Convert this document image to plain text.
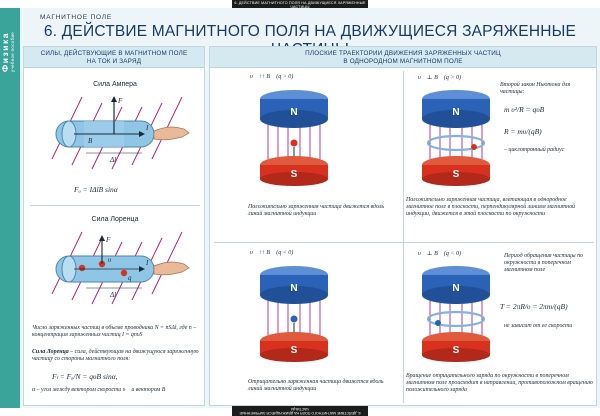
6. ДЕЙСТВИЕ МАГНИТНОГО ПОЛЯ НА ДВИЖУЩИЕСЯ ЗАРЯЖЕННЫЕ
Физика учебное пособие
МАГНИТНОЕ ПОЛЕ
6. ДЕЙСТВИЕ МАГНИТНОГО ПОЛЯ НА ДВИЖУЩИЕСЯ ЗАРЯЖЕННЫЕ
СИЛЫ, ДЕЙСТВУЮЩИЕ В МАГНИТНОМ ПОЛЕ
НА ТОК И ЗАРЯД
Сила Ампера
F
I
B
Δl
Fₐ = IΔlB sinα
Сила Лоренца
F
υ
q
I
Δl
Число заряженных частиц в объеме проводника N = nSΔl, где n – концентрация заряженных частиц I = qnυS
Сила Лоренца – сила, действующая на движущуюся заряженную частицу со стороны магнитного поля:
Fₗ = Fₐ/N = qυB sinα,
α – угол между вектором скорости υ⃗ и вектором B⃗
ПЛОСКИЕ ТРАЕКТОРИИ ДВИЖЕНИЯ ЗАРЯЖЕННЫХ ЧАСТИЦ
В ОДНОРОДНОМ МАГНИТНОМ ПОЛЕ
υ⃗ ↑↑ B⃗ (q > 0)
N
S
Положительно заряженная частица движется вдоль линий магнитной индукции
υ⃗ ⊥ B⃗ (q > 0)
N
S
Второй закон Ньютона для частицы:
m υ²/R = qυB
R = mυ/(qB)
– циклотронный радиус
Положительно заряженная частица, влетающая в однородное магнитное поле в плоскости, перпендикулярной линиям магнитной индукции, движется в этой плоскости по окружности
υ⃗ ↑↑ B⃗ (q < 0)
N
S
Отрицательно заряженная частица движется вдоль линий магнитной индукции
υ⃗ ⊥ B⃗ (q < 0)
N
S
Период обращения частицы по окружности в поперечном магнитном поле
T = 2πR/υ = 2πm/(qB)
не зависит от ее скорости
Вращение отрицательного заряда по окружности в поперечном магнитном поле происходит в направлении, противоположном вращению положительного заряда
6. ДЕЙСТВИЕ МАГНИТНОГО ПОЛЯ НА ДВИЖУЩИЕСЯ ЗАРЯЖЕННЫЕ ЧАСТИЦЫ
